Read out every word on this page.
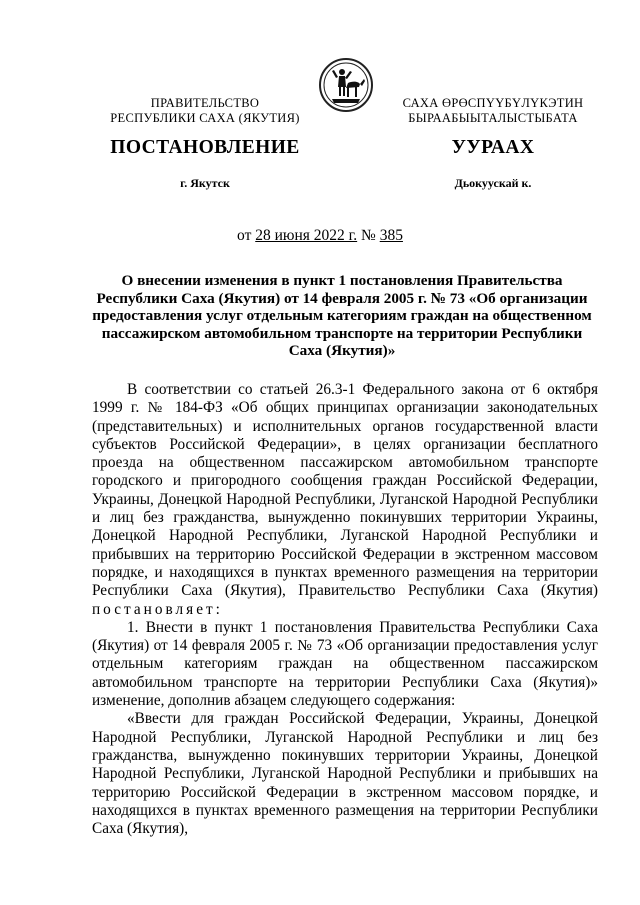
ПРАВИТЕЛЬСТВО
РЕСПУБЛИКИ САХА (ЯКУТИЯ)
САХА ӨРӨСПҮҮБҮЛҮКЭТИН
БЫРААБЫЫТАЛЫСТЫБАТА
ПОСТАНОВЛЕНИЕ	УУРААХ
г. Якутск	Дьокуускай к.
от 28 июня 2022 г. № 385
О внесении изменения в пункт 1 постановления Правительства Республики Саха (Якутия) от 14 февраля 2005 г. № 73 «Об организации предоставления услуг отдельным категориям граждан на общественном пассажирском автомобильном транспорте на территории Республики Саха (Якутия)»

В соответствии со статьей 26.3-1 Федерального закона от 6 октября 1999 г. № 184-ФЗ «Об общих принципах организации законодательных (представительных) и исполнительных органов государственной власти субъектов Российской Федерации», в целях организации бесплатного проезда на общественном пассажирском автомобильном транспорте городского и пригородного сообщения граждан Российской Федерации, Украины, Донецкой Народной Республики, Луганской Народной Республики и лиц без гражданства, вынужденно покинувших территории Украины, Донецкой Народной Республики, Луганской Народной Республики и прибывших на территорию Российской Федерации в экстренном массовом порядке, и находящихся в пунктах временного размещения на территории Республики Саха (Якутия), Правительство Республики Саха (Якутия) постановляет:

1. Внести в пункт 1 постановления Правительства Республики Саха (Якутия) от 14 февраля 2005 г. № 73 «Об организации предоставления услуг отдельным категориям граждан на общественном пассажирском автомобильном транспорте на территории Республики Саха (Якутия)» изменение, дополнив абзацем следующего содержания:

«Ввести для граждан Российской Федерации, Украины, Донецкой Народной Республики, Луганской Народной Республики и лиц без гражданства, вынужденно покинувших территории Украины, Донецкой Народной Республики, Луганской Народной Республики и прибывших на территорию Российской Федерации в экстренном массовом порядке, и находящихся в пунктах временного размещения на территории Республики Саха (Якутия),
